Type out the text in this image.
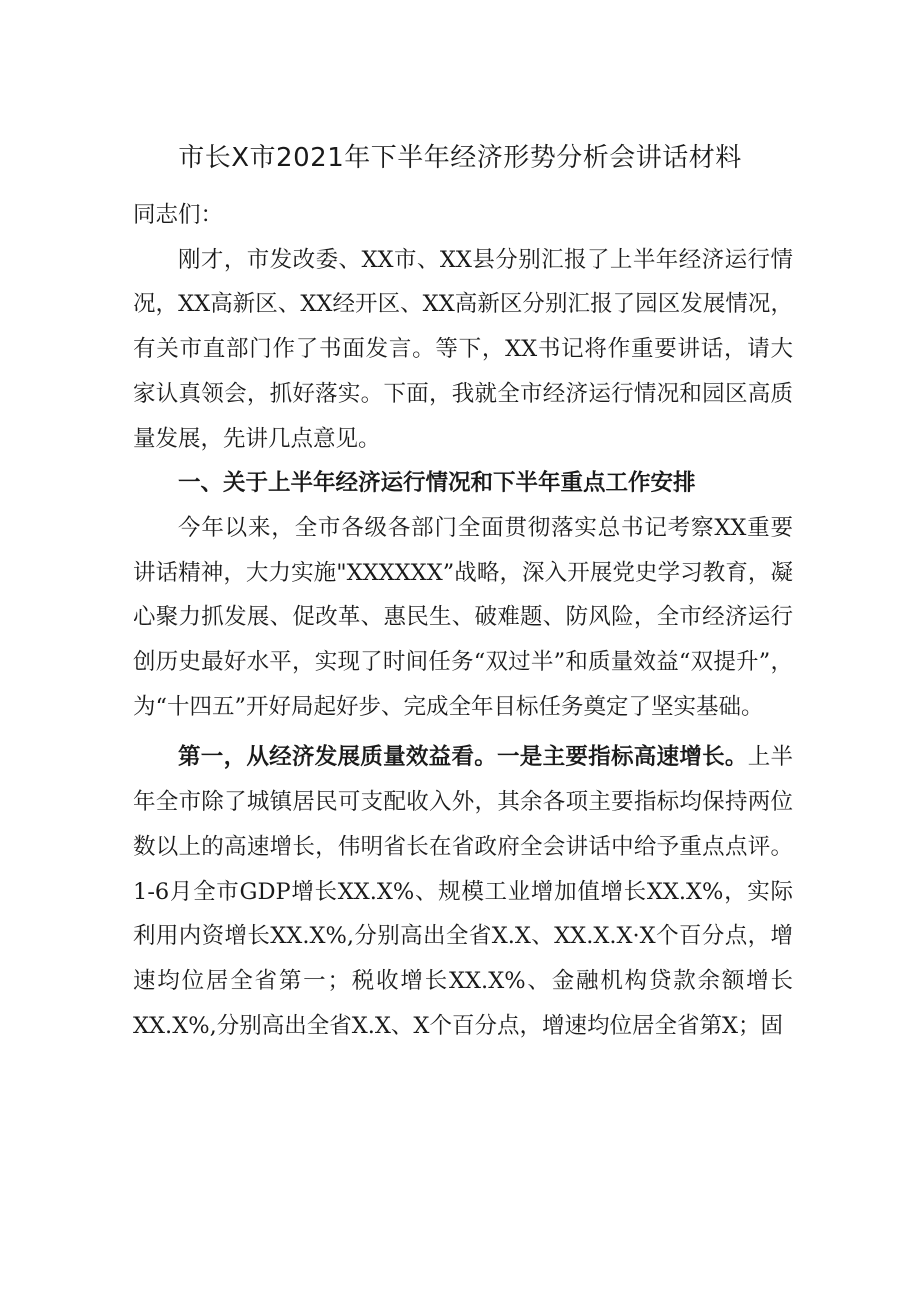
市长X市2021年下半年经济形势分析会讲话材料

同志们：

刚才，市发改委、XX市、XX县分别汇报了上半年经济运行情况，XX高新区、XX经开区、XX高新区分别汇报了园区发展情况，有关市直部门作了书面发言。等下，XX书记将作重要讲话，请大家认真领会，抓好落实。下面，我就全市经济运行情况和园区高质量发展，先讲几点意见。

一、关于上半年经济运行情况和下半年重点工作安排

今年以来，全市各级各部门全面贯彻落实总书记考察XX重要讲话精神，大力实施"XXXXXX”战略，深入开展党史学习教育，凝心聚力抓发展、促改革、惠民生、破难题、防风险，全市经济运行创历史最好水平，实现了时间任务“双过半”和质量效益“双提升”，为“十四五”开好局起好步、完成全年目标任务奠定了坚实基础。

第一，从经济发展质量效益看。一是主要指标高速增长。上半年全市除了城镇居民可支配收入外，其余各项主要指标均保持两位数以上的高速增长，伟明省长在省政府全会讲话中给予重点点评。1-6月全市GDP增长XX.X%、规模工业增加值增长XX.X%，实际利用内资增长XX.X%,分别高出全省X.X、XX.X.X·X个百分点，增速均位居全省第一；税收增长XX.X%、金融机构贷款余额增长XX.X%,分别高出全省X.X、X个百分点，增速均位居全省第X；固
